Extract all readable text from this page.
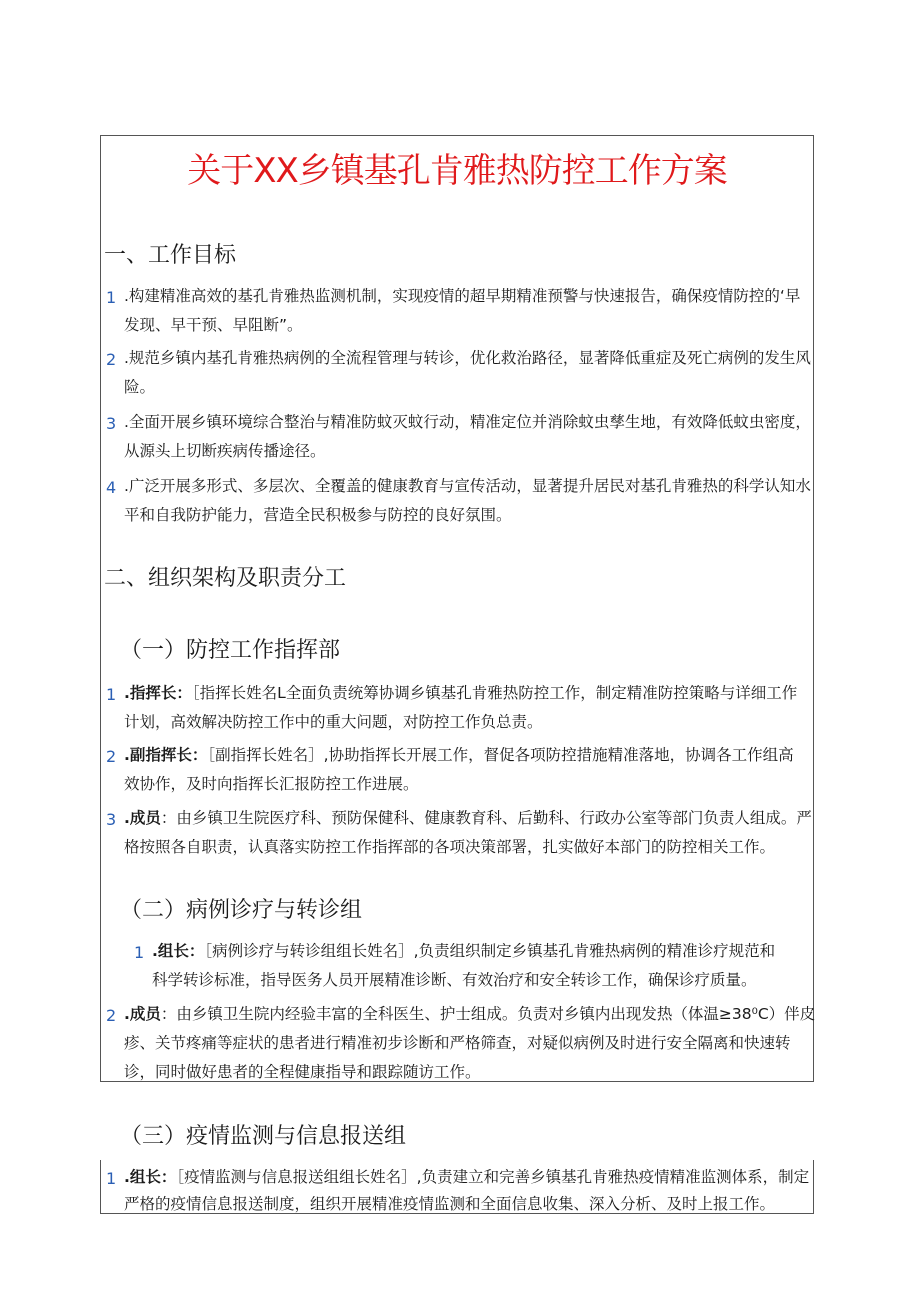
关于XX乡镇基孔肯雅热防控工作方案
一、工作目标
1 .构建精准高效的基孔肯雅热监测机制，实现疫情的超早期精准预警与快速报告，确保疫情防控的‘早
发现、早干预、早阻断”。
2 .规范乡镇内基孔肯雅热病例的全流程管理与转诊，优化救治路径，显著降低重症及死亡病例的发生风
险。
3 .全面开展乡镇环境综合整治与精准防蚊灭蚊行动，精准定位并消除蚊虫孳生地，有效降低蚊虫密度，
从源头上切断疾病传播途径。
4 .广泛开展多形式、多层次、全覆盖的健康教育与宣传活动，显著提升居民对基孔肯雅热的科学认知水
平和自我防护能力，营造全民积极参与防控的良好氛围。
二、组织架构及职责分工
（一）防控工作指挥部
1 .指挥长：［指挥长姓名L全面负责统筹协调乡镇基孔肯雅热防控工作，制定精准防控策略与详细工作
计划，高效解决防控工作中的重大问题，对防控工作负总责。
2 .副指挥长：［副指挥长姓名］,协助指挥长开展工作，督促各项防控措施精准落地，协调各工作组高
效协作，及时向指挥长汇报防控工作进展。
3 .成员：由乡镇卫生院医疗科、预防保健科、健康教育科、后勤科、行政办公室等部门负责人组成。严
格按照各自职责，认真落实防控工作指挥部的各项决策部署，扎实做好本部门的防控相关工作。
（二）病例诊疗与转诊组
1 .组长：［病例诊疗与转诊组组长姓名］,负责组织制定乡镇基孔肯雅热病例的精准诊疗规范和
科学转诊标准，指导医务人员开展精准诊断、有效治疗和安全转诊工作，确保诊疗质量。
2 .成员：由乡镇卫生院内经验丰富的全科医生、护士组成。负责对乡镇内出现发热（体温≥38⁰C）伴皮
疹、关节疼痛等症状的患者进行精准初步诊断和严格筛查，对疑似病例及时进行安全隔离和快速转
诊，同时做好患者的全程健康指导和跟踪随访工作。
（三）疫情监测与信息报送组
1 .组长：［疫情监测与信息报送组组长姓名］,负责建立和完善乡镇基孔肯雅热疫情精准监测体系，制定
严格的疫情信息报送制度，组织开展精准疫情监测和全面信息收集、深入分析、及时上报工作。
